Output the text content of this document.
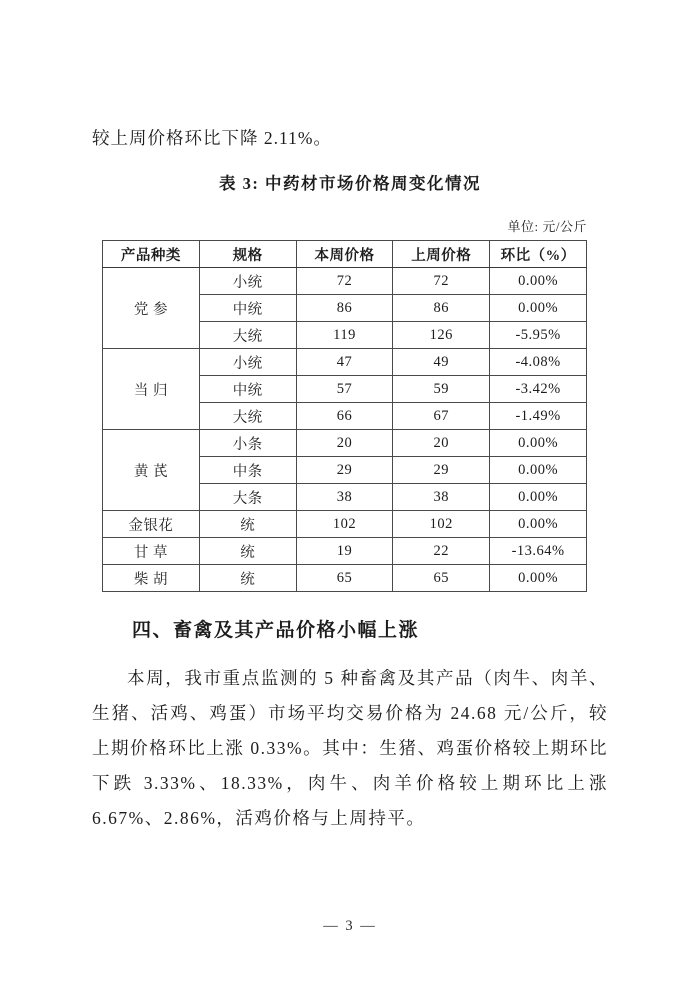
较上周价格环比下降 2.11%。

表 3: 中药材市场价格周变化情况
单位: 元/公斤
产品种类	规格	本周价格	上周价格	环比（%）
党 参	小统	72	72	0.00%
	中统	86	86	0.00%
	大统	119	126	-5.95%
当 归	小统	47	49	-4.08%
	中统	57	59	-3.42%
	大统	66	67	-1.49%
黄 芪	小条	20	20	0.00%
	中条	29	29	0.00%
	大条	38	38	0.00%
金银花	统	102	102	0.00%
甘 草	统	19	22	-13.64%
柴 胡	统	65	65	0.00%
四、畜禽及其产品价格小幅上涨

本周，我市重点监测的 5 种畜禽及其产品（肉牛、肉羊、生猪、活鸡、鸡蛋）市场平均交易价格为 24.68 元/公斤，较上期价格环比上涨 0.33%。其中：生猪、鸡蛋价格较上期环比下跌 3.33%、18.33%，肉牛、肉羊价格较上期环比上涨 6.67%、2.86%，活鸡价格与上周持平。

— 3 —
